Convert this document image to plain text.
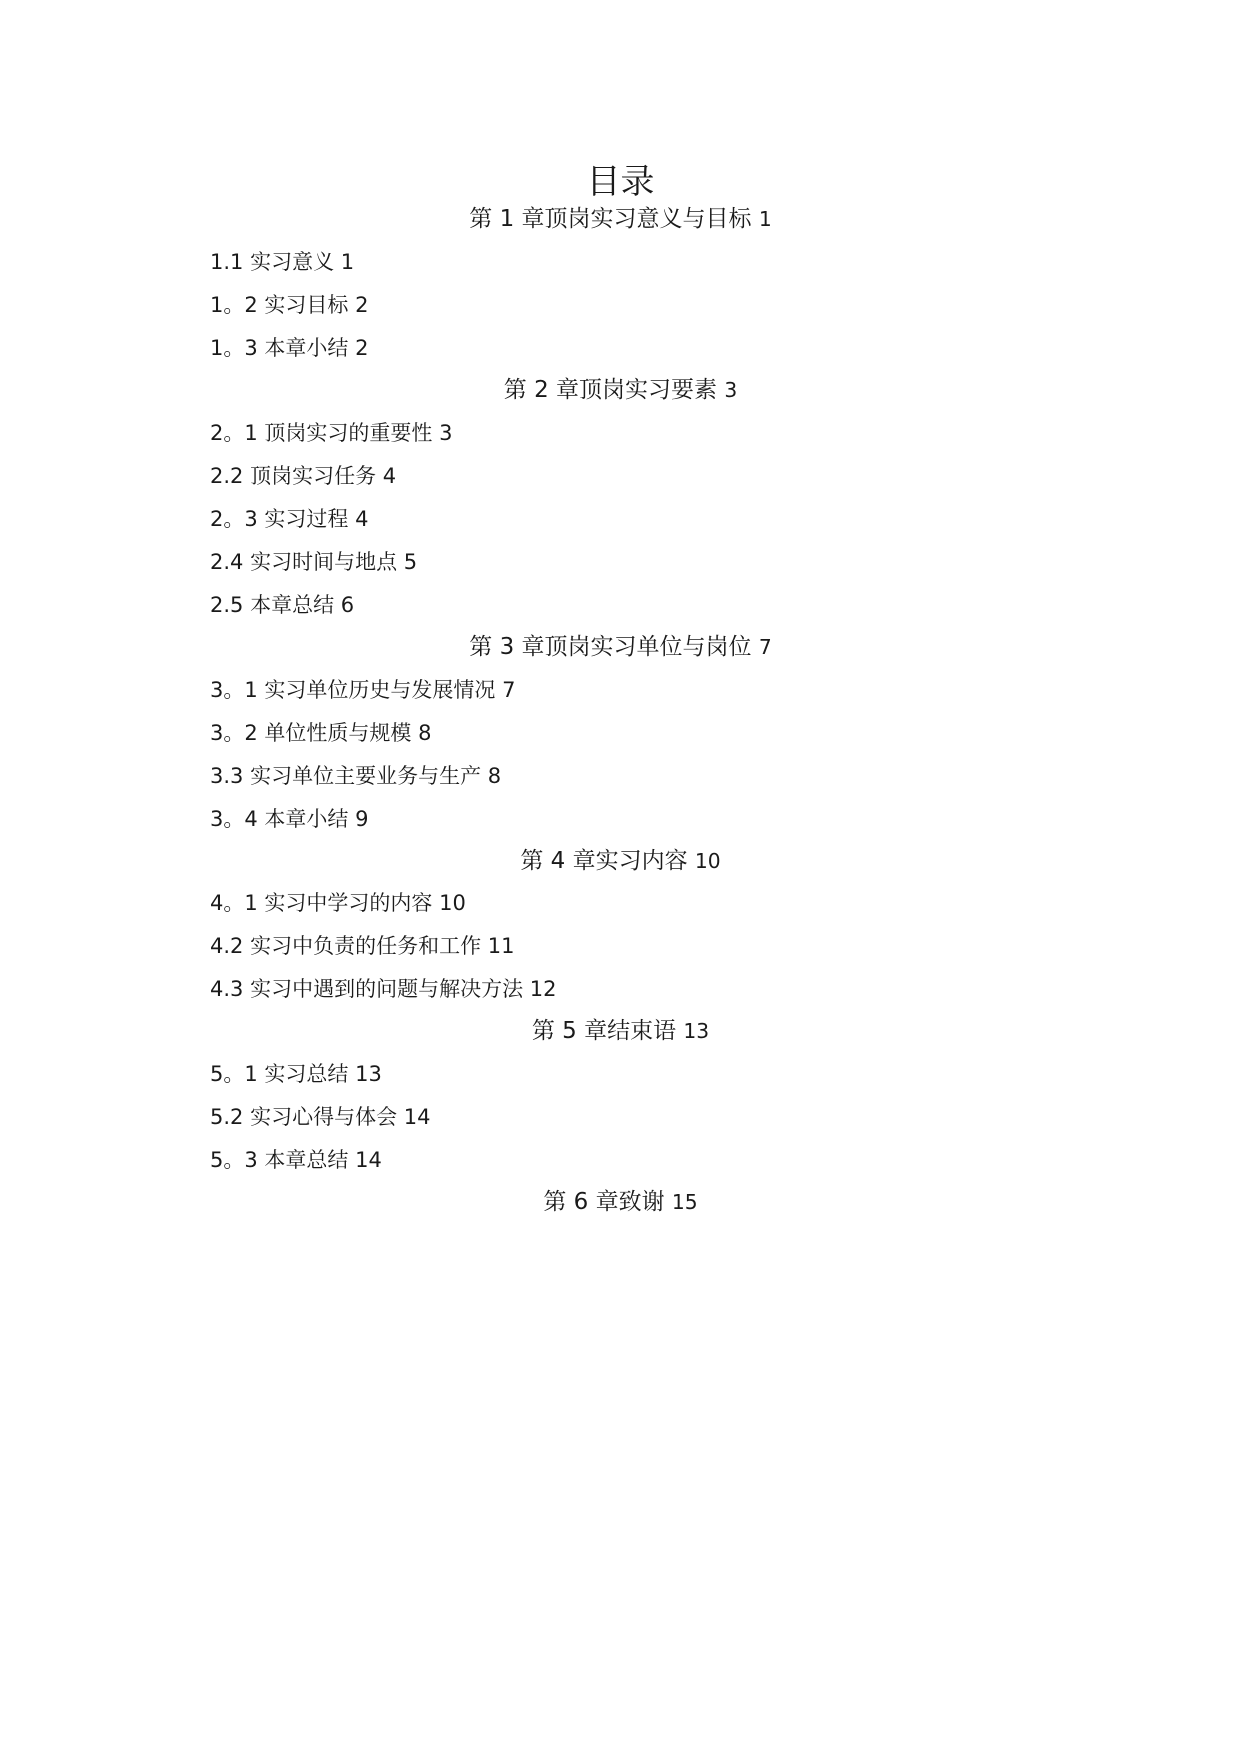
目录
第 1 章顶岗实习意义与目标 1
1.1 实习意义 1
1。2 实习目标 2
1。3 本章小结 2
第 2 章顶岗实习要素 3
2。1 顶岗实习的重要性 3
2.2 顶岗实习任务 4
2。3 实习过程 4
2.4 实习时间与地点 5
2.5 本章总结 6
第 3 章顶岗实习单位与岗位 7
3。1 实习单位历史与发展情况 7
3。2 单位性质与规模 8
3.3 实习单位主要业务与生产 8
3。4 本章小结 9
第 4 章实习内容 10
4。1 实习中学习的内容 10
4.2 实习中负责的任务和工作 11
4.3 实习中遇到的问题与解决方法 12
第 5 章结束语 13
5。1 实习总结 13
5.2 实习心得与体会 14
5。3 本章总结 14
第 6 章致谢 15
